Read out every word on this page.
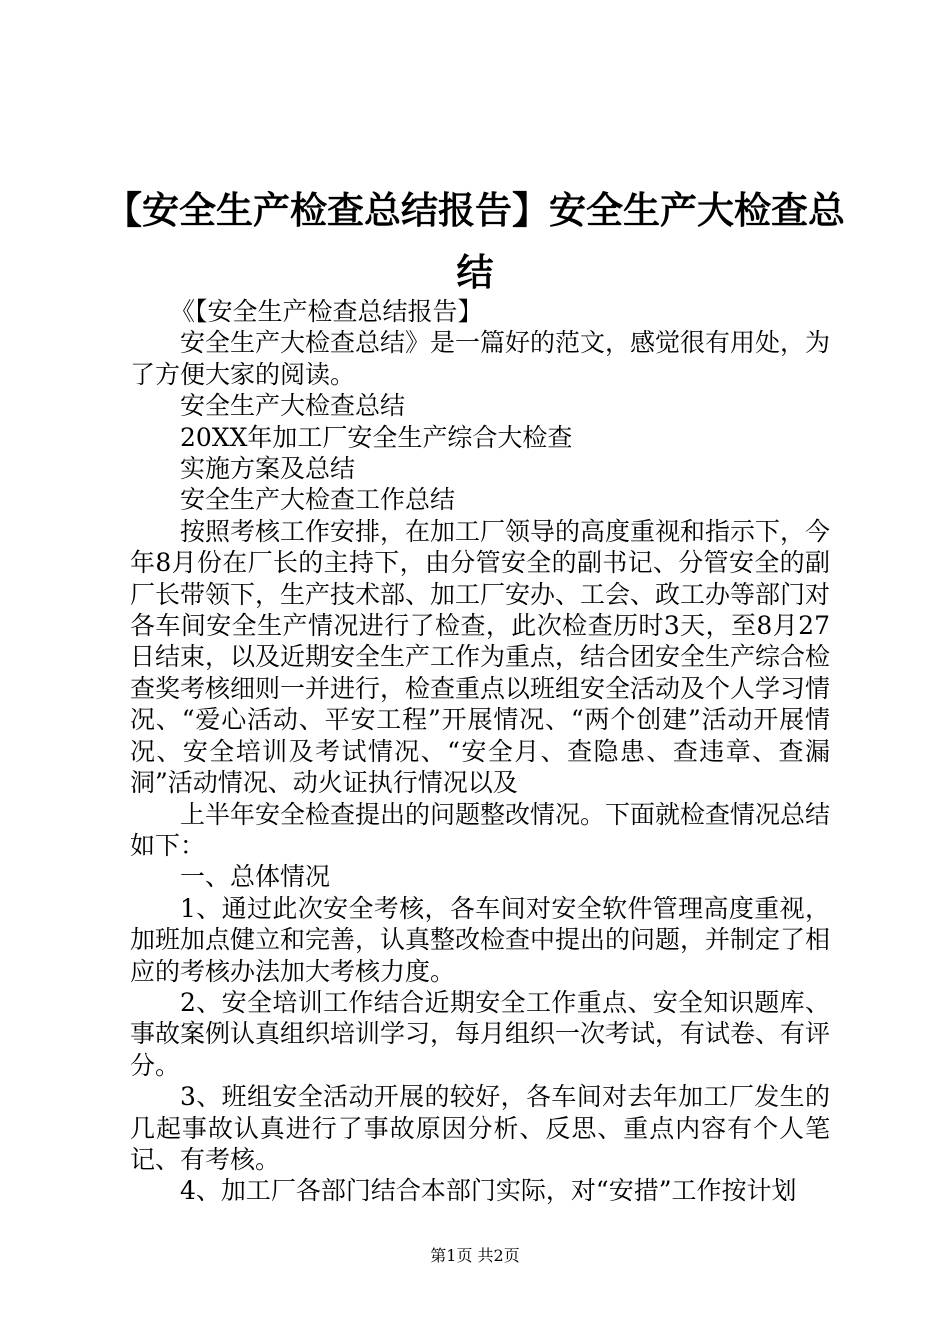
【安全生产检查总结报告】安全生产大检查总结

《【安全生产检查总结报告】

安全生产大检查总结》是一篇好的范文，感觉很有用处，为了方便大家的阅读。

安全生产大检查总结

20XX年加工厂安全生产综合大检查

实施方案及总结

安全生产大检查工作总结

按照考核工作安排，在加工厂领导的高度重视和指示下，今年8月份在厂长的主持下，由分管安全的副书记、分管安全的副厂长带领下，生产技术部、加工厂安办、工会、政工办等部门对各车间安全生产情况进行了检查，此次检查历时3天，至8月27日结束，以及近期安全生产工作为重点，结合团安全生产综合检查奖考核细则一并进行，检查重点以班组安全活动及个人学习情况、“爱心活动、平安工程”开展情况、“两个创建”活动开展情况、安全培训及考试情况、“安全月、查隐患、查违章、查漏洞”活动情况、动火证执行情况以及

上半年安全检查提出的问题整改情况。下面就检查情况总结如下：

一、总体情况

1、通过此次安全考核，各车间对安全软件管理高度重视，加班加点健立和完善，认真整改检查中提出的问题，并制定了相应的考核办法加大考核力度。

2、安全培训工作结合近期安全工作重点、安全知识题库、事故案例认真组织培训学习，每月组织一次考试，有试卷、有评分。

3、班组安全活动开展的较好，各车间对去年加工厂发生的几起事故认真进行了事故原因分析、反思、重点内容有个人笔记、有考核。

4、加工厂各部门结合本部门实际，对“安措”工作按计划

第1页 共2页
